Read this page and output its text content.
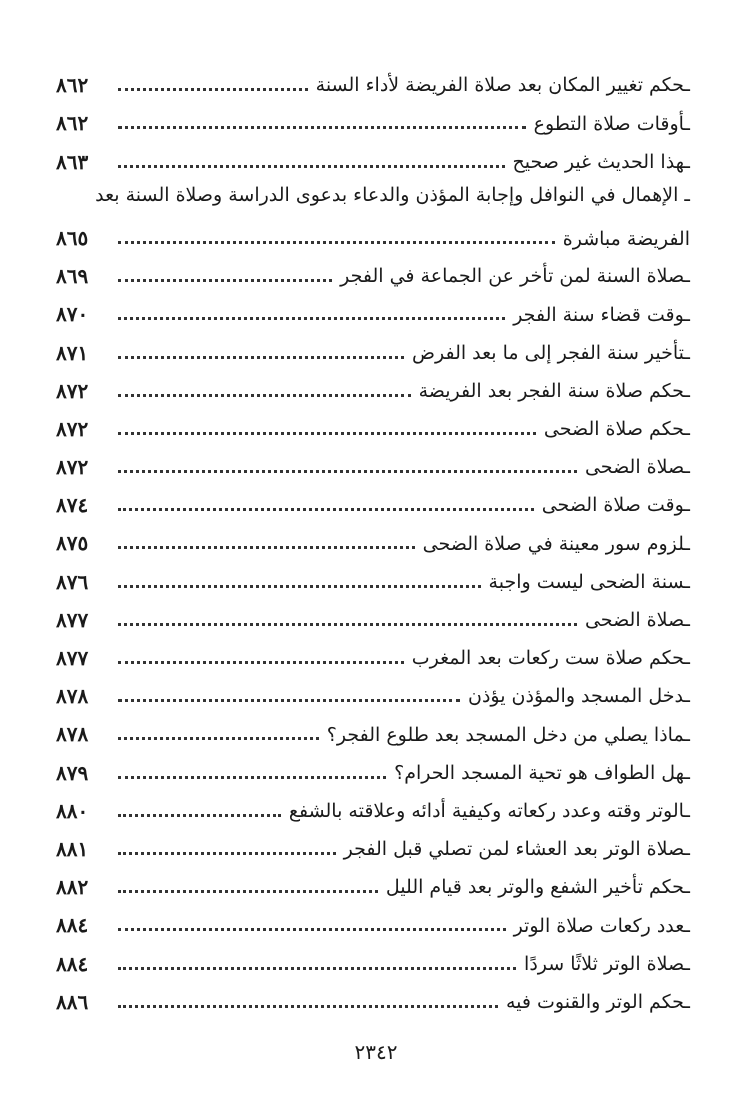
ـحكم تغيير المكان بعد صلاة الفريضة لأداء السنة
٨٦٢
ـأوقات صلاة التطوع
٨٦٢
ـهذا الحديث غير صحيح
٨٦٣
ـ الإهمال في النوافل وإجابة المؤذن والدعاء بدعوى الدراسة وصلاة السنة بعد
الفريضة مباشرة
٨٦٥
ـصلاة السنة لمن تأخر عن الجماعة في الفجر
٨٦٩
ـوقت قضاء سنة الفجر
٨٧٠
ـتأخير سنة الفجر إلى ما بعد الفرض
٨٧١
ـحكم صلاة سنة الفجر بعد الفريضة
٨٧٢
ـحكم صلاة الضحى
٨٧٢
ـصلاة الضحى
٨٧٢
ـوقت صلاة الضحى
٨٧٤
ـلزوم سور معينة في صلاة الضحى
٨٧٥
ـسنة الضحى ليست واجبة
٨٧٦
ـصلاة الضحى
٨٧٧
ـحكم صلاة ست ركعات بعد المغرب
٨٧٧
ـدخل المسجد والمؤذن يؤذن
٨٧٨
ـماذا يصلي من دخل المسجد بعد طلوع الفجر؟
٨٧٨
ـهل الطواف هو تحية المسجد الحرام؟
٨٧٩
ـالوتر وقته وعدد ركعاته وكيفية أدائه وعلاقته بالشفع
٨٨٠
ـصلاة الوتر بعد العشاء لمن تصلي قبل الفجر
٨٨١
ـحكم تأخير الشفع والوتر بعد قيام الليل
٨٨٢
ـعدد ركعات صلاة الوتر
٨٨٤
ـصلاة الوتر ثلاثًا سردًا
٨٨٤
ـحكم الوتر والقنوت فيه
٨٨٦
٢٣٤٢
